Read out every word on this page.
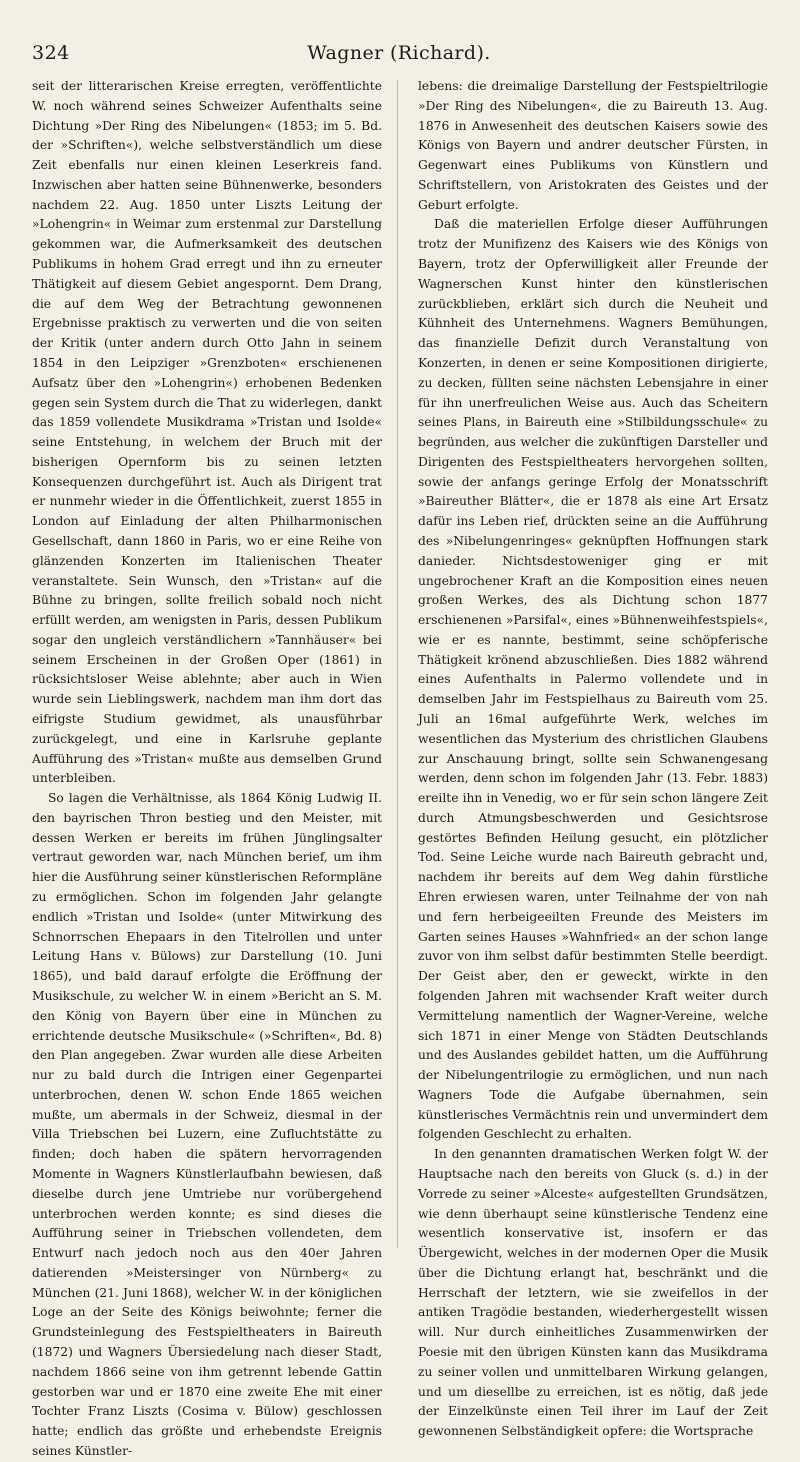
324	Wagner (Richard).

seit der litterarischen Kreise erregten, veröffentlichte W. noch während seines Schweizer Aufenthalts seine Dichtung »Der Ring des Nibelungen« (1853; im 5. Bd. der »Schriften«), welche selbstverständlich um diese Zeit ebenfalls nur einen kleinen Leserkreis fand. Inzwischen aber hatten seine Bühnenwerke, besonders nachdem 22. Aug. 1850 unter Liszts Leitung der »Lohengrin« in Weimar zum erstenmal zur Darstellung gekommen war, die Aufmerksamkeit des deutschen Publikums in hohem Grad erregt und ihn zu erneuter Thätigkeit auf diesem Gebiet angespornt. Dem Drang, die auf dem Weg der Betrachtung gewonnenen Ergebnisse praktisch zu verwerten und die von seiten der Kritik (unter andern durch Otto Jahn in seinem 1854 in den Leipziger »Grenzboten« erschienenen Aufsatz über den »Lohengrin«) erhobenen Bedenken gegen sein System durch die That zu widerlegen, dankt das 1859 vollendete Musikdrama »Tristan und Isolde« seine Entstehung, in welchem der Bruch mit der bisherigen Opernform bis zu seinen letzten Konsequenzen durchgeführt ist. Auch als Dirigent trat er nunmehr wieder in die Öffentlichkeit, zuerst 1855 in London auf Einladung der alten Philharmonischen Gesellschaft, dann 1860 in Paris, wo er eine Reihe von glänzenden Konzerten im Italienischen Theater veranstaltete. Sein Wunsch, den »Tristan« auf die Bühne zu bringen, sollte freilich sobald noch nicht erfüllt werden, am wenigsten in Paris, dessen Publikum sogar den ungleich verständlichern »Tannhäuser« bei seinem Erscheinen in der Großen Oper (1861) in rücksichtsloser Weise ablehnte; aber auch in Wien wurde sein Lieblingswerk, nachdem man ihm dort das eifrigste Studium gewidmet, als unausführbar zurückgelegt, und eine in Karlsruhe geplante Aufführung des »Tristan« mußte aus demselben Grund unterbleiben.

So lagen die Verhältnisse, als 1864 König Ludwig II. den bayrischen Thron bestieg und den Meister, mit dessen Werken er bereits im frühen Jünglingsalter vertraut geworden war, nach München berief, um ihm hier die Ausführung seiner künstlerischen Reformpläne zu ermöglichen. Schon im folgenden Jahr gelangte endlich »Tristan und Isolde« (unter Mitwirkung des Schnorrschen Ehepaars in den Titelrollen und unter Leitung Hans v. Bülows) zur Darstellung (10. Juni 1865), und bald darauf erfolgte die Eröffnung der Musikschule, zu welcher W. in einem »Bericht an S. M. den König von Bayern über eine in München zu errichtende deutsche Musikschule« (»Schriften«, Bd. 8) den Plan angegeben. Zwar wurden alle diese Arbeiten nur zu bald durch die Intrigen einer Gegenpartei unterbrochen, denen W. schon Ende 1865 weichen mußte, um abermals in der Schweiz, diesmal in der Villa Triebschen bei Luzern, eine Zufluchtstätte zu finden; doch haben die spätern hervorragenden Momente in Wagners Künstlerlaufbahn bewiesen, daß dieselbe durch jene Umtriebe nur vorübergehend unterbrochen werden konnte; es sind dieses die Aufführung seiner in Triebschen vollendeten, dem Entwurf nach jedoch noch aus den 40er Jahren datierenden »Meistersinger von Nürnberg« zu München (21. Juni 1868), welcher W. in der königlichen Loge an der Seite des Königs beiwohnte; ferner die Grundsteinlegung des Festspieltheaters in Baireuth (1872) und Wagners Übersiedelung nach dieser Stadt, nachdem 1866 seine von ihm getrennt lebende Gattin gestorben war und er 1870 eine zweite Ehe mit einer Tochter Franz Liszts (Cosima v. Bülow) geschlossen hatte; endlich das größte und erhebendste Ereignis seines Künstler-

lebens: die dreimalige Darstellung der Festspieltrilogie »Der Ring des Nibelungen«, die zu Baireuth 13. Aug. 1876 in Anwesenheit des deutschen Kaisers sowie des Königs von Bayern und andrer deutscher Fürsten, in Gegenwart eines Publikums von Künstlern und Schriftstellern, von Aristokraten des Geistes und der Geburt erfolgte.

Daß die materiellen Erfolge dieser Aufführungen trotz der Munifizenz des Kaisers wie des Königs von Bayern, trotz der Opferwilligkeit aller Freunde der Wagnerschen Kunst hinter den künstlerischen zurückblieben, erklärt sich durch die Neuheit und Kühnheit des Unternehmens. Wagners Bemühungen, das finanzielle Defizit durch Veranstaltung von Konzerten, in denen er seine Kompositionen dirigierte, zu decken, füllten seine nächsten Lebensjahre in einer für ihn unerfreulichen Weise aus. Auch das Scheitern seines Plans, in Baireuth eine »Stilbildungsschule« zu begründen, aus welcher die zukünftigen Darsteller und Dirigenten des Festspieltheaters hervorgehen sollten, sowie der anfangs geringe Erfolg der Monatsschrift »Baireuther Blätter«, die er 1878 als eine Art Ersatz dafür ins Leben rief, drückten seine an die Aufführung des »Nibelungenringes« geknüpften Hoffnungen stark danieder. Nichtsdestoweniger ging er mit ungebrochener Kraft an die Komposition eines neuen großen Werkes, des als Dichtung schon 1877 erschienenen »Parsifal«, eines »Bühnenweihfestspiels«, wie er es nannte, bestimmt, seine schöpferische Thätigkeit krönend abzuschließen. Dies 1882 während eines Aufenthalts in Palermo vollendete und in demselben Jahr im Festspielhaus zu Baireuth vom 25. Juli an 16mal aufgeführte Werk, welches im wesentlichen das Mysterium des christlichen Glaubens zur Anschauung bringt, sollte sein Schwanengesang werden, denn schon im folgenden Jahr (13. Febr. 1883) ereilte ihn in Venedig, wo er für sein schon längere Zeit durch Atmungsbeschwerden und Gesichtsrose gestörtes Befinden Heilung gesucht, ein plötzlicher Tod. Seine Leiche wurde nach Baireuth gebracht und, nachdem ihr bereits auf dem Weg dahin fürstliche Ehren erwiesen waren, unter Teilnahme der von nah und fern herbeigeeilten Freunde des Meisters im Garten seines Hauses »Wahnfried« an der schon lange zuvor von ihm selbst dafür bestimmten Stelle beerdigt. Der Geist aber, den er geweckt, wirkte in den folgenden Jahren mit wachsender Kraft weiter durch Vermittelung namentlich der Wagner-Vereine, welche sich 1871 in einer Menge von Städten Deutschlands und des Auslandes gebildet hatten, um die Aufführung der Nibelungentrilogie zu ermöglichen, und nun nach Wagners Tode die Aufgabe übernahmen, sein künstlerisches Vermächtnis rein und unvermindert dem folgenden Geschlecht zu erhalten.

In den genannten dramatischen Werken folgt W. der Hauptsache nach den bereits von Gluck (s. d.) in der Vorrede zu seiner »Alceste« aufgestellten Grundsätzen, wie denn überhaupt seine künstlerische Tendenz eine wesentlich konservative ist, insofern er das Übergewicht, welches in der modernen Oper die Musik über die Dichtung erlangt hat, beschränkt und die Herrschaft der letztern, wie sie zweifellos in der antiken Tragödie bestanden, wiederhergestellt wissen will. Nur durch einheitliches Zusammenwirken der Poesie mit den übrigen Künsten kann das Musikdrama zu seiner vollen und unmittelbaren Wirkung gelangen, und um diesellbe zu erreichen, ist es nötig, daß jede der Einzelkünste einen Teil ihrer im Lauf der Zeit gewonnenen Selbständigkeit opfere: die Wortsprache
